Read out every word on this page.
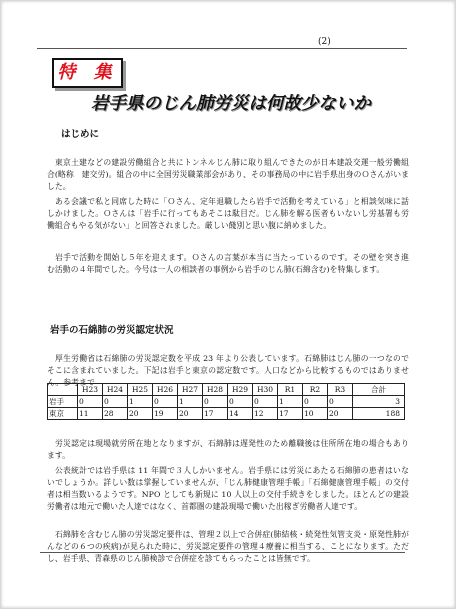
(2)
特 集
岩手県のじん肺労災は何故少ないか
はじめに

東京土建などの建設労働組合と共にトンネルじん肺に取り組んできたのが日本建設交運一般労働組合(略称　建交労)。組合の中に全国労災職業部会があり、その事務局の中に岩手県出身のＯさんがいました。

ある会議で私と同席した時に「Ｏさん、定年退職したら岩手で活動を考えている」と相談気味に話しかけました。Ｏさんは「岩手に行ってもあそこは駄目だ。じん肺を解る医者もいないし労基署も労働組合もやる気がない」と回答されました。厳しい餞別と思い腹に納めました。

岩手で活動を開始し５年を迎えます。Ｏさんの言葉が本当に当たっているのです。その壁を突き進む活動の４年間でした。今号は一人の相談者の事例から岩手のじん肺(石綿含む)を特集します。

岩手の石綿肺の労災認定状況

厚生労働省は石綿肺の労災認定数を平成 23 年より公表しています。石綿肺はじん肺の一つなのでそこに含まれていました。下記は岩手と東京の認定数です。人口などから比較するものではありません。参考まで

	H23	H24	H25	H26	H27	H28	H29	H30	R1	R2	R3	合計
岩手	0	0	1	0	1	0	0	0	1	0	0	3
東京	11	28	20	19	20	17	14	12	17	10	20	188

労災認定は現場就労所在地となりますが、石綿肺は遅発性のため離職後は住所所在地の場合もあります。

公表統計では岩手県は 11 年間で３人しかいません。岩手県には労災にあたる石綿肺の患者はいないでしょうか。詳しい数は掌握していませんが、「じん肺健康管理手帳」「石綿健康管理手帳」の交付者は相当数いるようです。NPO としても新規に 10 人以上の交付手続きをしました。ほとんどの建設労働者は地元で働いた人達ではなく、首都圏の建設現場で働いた出稼ぎ労働者人達です。

石綿肺を含むじん肺の労災認定要件は、管理２以上で合併症(肺結核・続発性気管支炎・原発性肺がんなどの６つの疾病)が見られた時に、労災認定要件の管理４療養に相当する、ことになります。ただし、岩手県、青森県のじん肺検診で合併症を診てもらったことは皆無です。
